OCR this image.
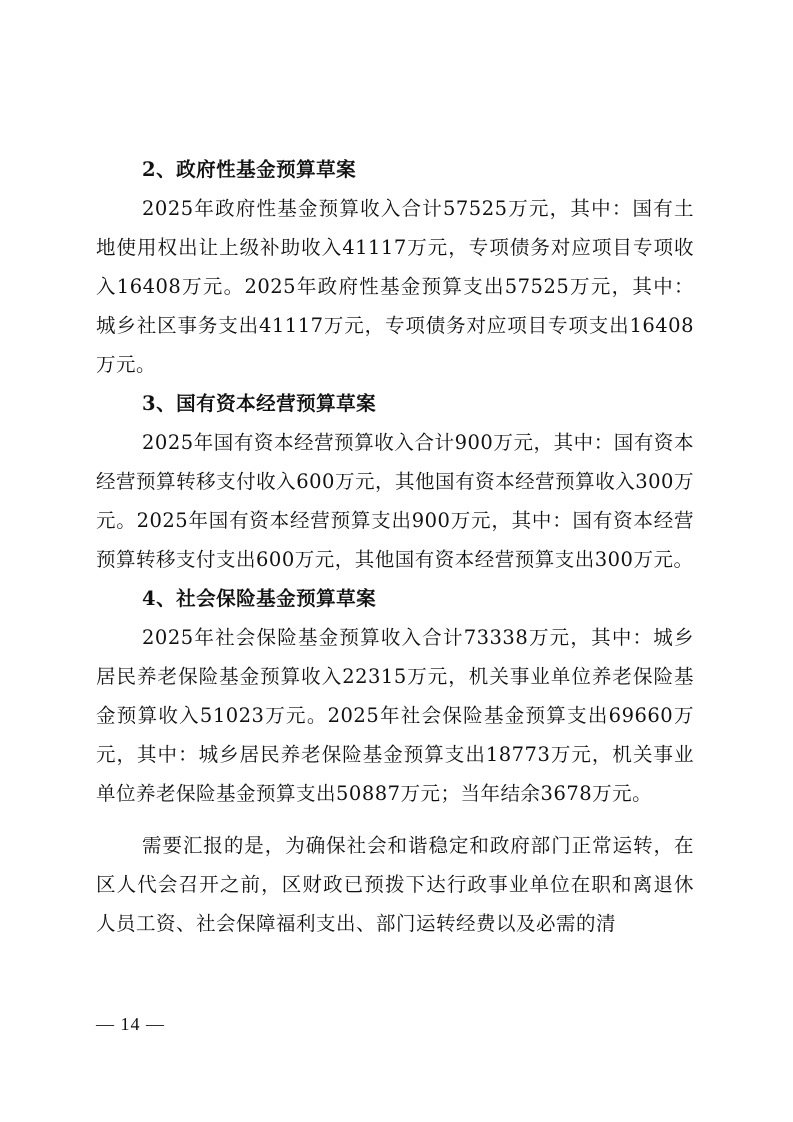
2、政府性基金预算草案

2025年政府性基金预算收入合计57525万元，其中：国有土地使用权出让上级补助收入41117万元，专项债务对应项目专项收入16408万元。2025年政府性基金预算支出57525万元，其中：城乡社区事务支出41117万元，专项债务对应项目专项支出16408万元。

3、国有资本经营预算草案

2025年国有资本经营预算收入合计900万元，其中：国有资本经营预算转移支付收入600万元，其他国有资本经营预算收入300万元。2025年国有资本经营预算支出900万元，其中：国有资本经营预算转移支付支出600万元，其他国有资本经营预算支出300万元。

4、社会保险基金预算草案

2025年社会保险基金预算收入合计73338万元，其中：城乡居民养老保险基金预算收入22315万元，机关事业单位养老保险基金预算收入51023万元。2025年社会保险基金预算支出69660万元，其中：城乡居民养老保险基金预算支出18773万元，机关事业单位养老保险基金预算支出50887万元；当年结余3678万元。

需要汇报的是，为确保社会和谐稳定和政府部门正常运转，在区人代会召开之前，区财政已预拨下达行政事业单位在职和离退休人员工资、社会保障福利支出、部门运转经费以及必需的清

— 14 —
